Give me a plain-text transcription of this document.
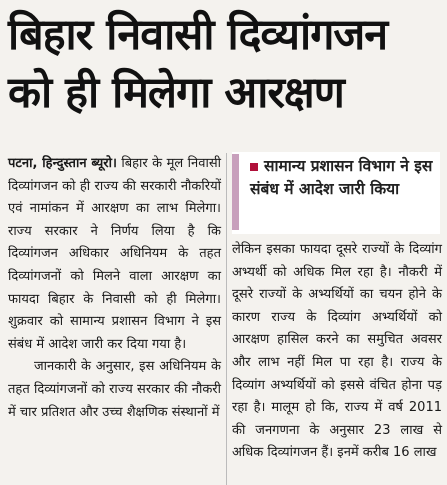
बिहार निवासी दिव्यांगजन
को ही मिलेगा आरक्षण

पटना, हिन्दुस्तान ब्यूरो। बिहार के मूल निवासी दिव्यांगजन को ही राज्य की सरकारी नौकरियों एवं नामांकन में आरक्षण का लाभ मिलेगा। राज्य सरकार ने निर्णय लिया है कि दिव्यांगजन अधिकार अधिनियम के तहत दिव्यांगजनों को मिलने वाला आरक्षण का फायदा बिहार के निवासी को ही मिलेगा। शुक्रवार को सामान्य प्रशासन विभाग ने इस संबंध में आदेश जारी कर दिया गया है।

जानकारी के अनुसार, इस अधिनियम के तहत दिव्यांगजनों को राज्य सरकार की नौकरी में चार प्रतिशत और उच्च शैक्षणिक संस्थानों में

सामान्य प्रशासन विभाग ने इस संबंध में आदेश जारी किया

लेकिन इसका फायदा दूसरे राज्यों के दिव्यांग अभ्यर्थी को अधिक मिल रहा है। नौकरी में दूसरे राज्यों के अभ्यर्थियों का चयन होने के कारण राज्य के दिव्यांग अभ्यर्थियों को आरक्षण हासिल करने का समुचित अवसर और लाभ नहीं मिल पा रहा है। राज्य के दिव्यांग अभ्यर्थियों को इससे वंचित होना पड़ रहा है। मालूम हो कि, राज्य में वर्ष 2011 की जनगणना के अनुसार 23 लाख से अधिक दिव्यांगजन हैं। इनमें करीब 16 लाख
